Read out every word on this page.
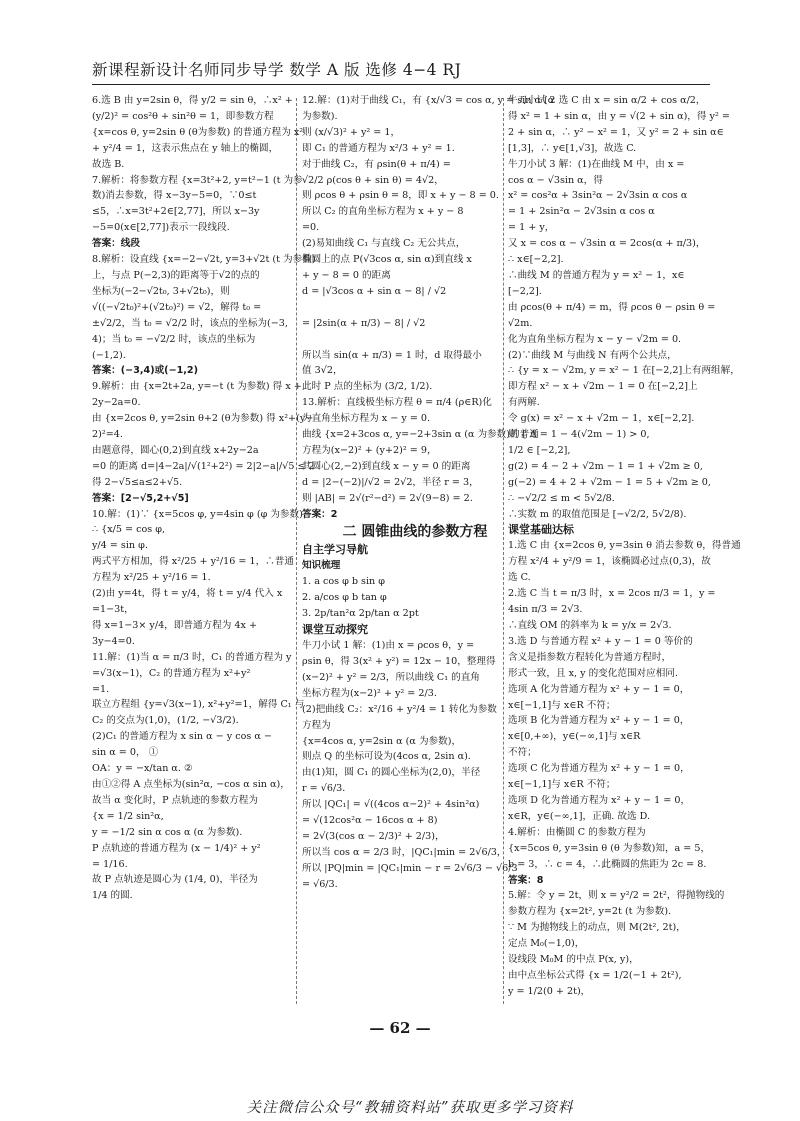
新课程新设计名师同步导学 数学 A 版 选修 4−4 RJ
6.选 B 由 y=2sin θ，得 y/2 = sin θ，∴x² +
(y/2)² = cos²θ + sin²θ = 1，即参数方程
{x=cos θ, y=2sin θ (θ为参数) 的普通方程为 x²
+ y²/4 = 1，这表示焦点在 y 轴上的椭圆，
故选 B.
7.解析：将参数方程 {x=3t²+2, y=t²−1 (t 为参
数)消去参数，得 x−3y−5=0，∵0≤t
≤5，∴x=3t²+2∈[2,77]，所以 x−3y
−5=0(x∈[2,77])表示一段线段.
答案：线段
8.解析：设直线 {x=−2−√2t, y=3+√2t (t 为参数)
上，与点 P(−2,3)的距离等于√2的点的
坐标为(−2−√2t₀, 3+√2t₀)，则
√((−√2t₀)²+(√2t₀)²) = √2，解得 t₀ =
±√2/2，当 t₀ = √2/2 时，该点的坐标为(−3,
4)；当 t₀ = −√2/2 时，该点的坐标为
(−1,2).
答案：(−3,4)或(−1,2)
9.解析：由 {x=2t+2a, y=−t (t 为参数) 得 x +
2y−2a=0.
由 {x=2cos θ, y=2sin θ+2 (θ为参数) 得 x²+(y−
2)²=4.
由题意得，圆心(0,2)到直线 x+2y−2a
=0 的距离 d=|4−2a|/√(1²+2²) = 2|2−a|/√5 ≤ 2
得 2−√5≤a≤2+√5.
答案：[2−√5,2+√5]
10.解：(1)∵ {x=5cos φ, y=4sin φ (φ 为参数)，
∴ {x/5 = cos φ,
y/4 = sin φ.
两式平方相加，得 x²/25 + y²/16 = 1，∴普通
方程为 x²/25 + y²/16 = 1.
(2)由 y=4t，得 t = y/4，将 t = y/4 代入 x
=1−3t，
得 x=1−3× y/4，即普通方程为 4x +
3y−4=0.
11.解：(1)当 α = π/3 时，C₁ 的普通方程为 y
=√3(x−1)，C₂ 的普通方程为 x²+y²
=1.
联立方程组 {y=√3(x−1), x²+y²=1，解得 C₁ 与
C₂ 的交点为(1,0)，(1/2, −√3/2).
(2)C₁ 的普通方程为 x sin α − y cos α −
sin α = 0， ①
OA：y = −x/tan α. ②
由①②得 A 点坐标为(sin²α, −cos α sin α)，
故当 α 变化时，P 点轨迹的参数方程为
{x = 1/2 sin²α,
y = −1/2 sin α cos α (α 为参数).
P 点轨迹的普通方程为 (x − 1/4)² + y²
= 1/16.
故 P 点轨迹是圆心为 (1/4, 0)，半径为
1/4 的圆.
12.解：(1)对于曲线 C₁，有 {x/√3 = cos α, y = sin α (α
为参数).
则 (x/√3)² + y² = 1，
即 C₁ 的普通方程为 x²/3 + y² = 1.
对于曲线 C₂，有 ρsin(θ + π/4) =
√2/2 ρ(cos θ + sin θ) = 4√2，
则 ρcos θ + ρsin θ = 8，即 x + y − 8 = 0.
所以 C₂ 的直角坐标方程为 x + y − 8
=0.
(2)易知曲线 C₁ 与直线 C₂ 无公共点，
椭圆上的点 P(√3cos α, sin α)到直线 x
+ y − 8 = 0 的距离
d = |√3cos α + sin α − 8| / √2

= |2sin(α + π/3) − 8| / √2

所以当 sin(α + π/3) = 1 时，d 取得最小
值 3√2，
此时 P 点的坐标为 (3/2, 1/2).
13.解析：直线极坐标方程 θ = π/4 (ρ∈R)化
为直角坐标方程为 x − y = 0.
曲线 {x=2+3cos α, y=−2+3sin α (α 为参数)的普通
方程为(x−2)² + (y+2)² = 9，
其圆心(2,−2)到直线 x − y = 0 的距离
d = |2−(−2)|/√2 = 2√2，半径 r = 3，
则 |AB| = 2√(r²−d²) = 2√(9−8) = 2.
答案：2
二 圆锥曲线的参数方程
自主学习导航
知识梳理
1. a cos φ b sin φ
2. a/cos φ b tan φ
3. 2p/tan²α 2p/tan α 2pt
课堂互动探究
牛刀小试 1 解：(1)由 x = ρcos θ，y =
ρsin θ，得 3(x² + y²) = 12x − 10，整理得
(x−2)² + y² = 2/3，所以曲线 C₁ 的直角
坐标方程为(x−2)² + y² = 2/3.
(2)把曲线 C₂：x²/16 + y²/4 = 1 转化为参数
方程为
{x=4cos α, y=2sin α (α 为参数)，
则点 Q 的坐标可设为(4cos α, 2sin α).
由(1)知，圆 C₁ 的圆心坐标为(2,0)，半径
r = √6/3.
所以 |QC₁| = √((4cos α−2)² + 4sin²α)
= √(12cos²α − 16cos α + 8)
= 2√(3(cos α − 2/3)² + 2/3)，
所以当 cos α = 2/3 时，|QC₁|min = 2√6/3，
所以 |PQ|min = |QC₁|min − r = 2√6/3 − √6/3
= √6/3.
牛刀小试 2 选 C 由 x = sin α/2 + cos α/2，
得 x² = 1 + sin α，由 y = √(2 + sin α)，得 y² =
2 + sin α，∴ y² − x² = 1，又 y² = 2 + sin α∈
[1,3]，∴ y∈[1,√3]，故选 C.
牛刀小试 3 解：(1)在曲线 M 中，由 x =
cos α − √3sin α，得
x² = cos²α + 3sin²α − 2√3sin α cos α
= 1 + 2sin²α − 2√3sin α cos α
= 1 + y，
又 x = cos α − √3sin α = 2cos(α + π/3)，
∴ x∈[−2,2].
∴曲线 M 的普通方程为 y = x² − 1，x∈
[−2,2].
由 ρcos(θ + π/4) = m，得 ρcos θ − ρsin θ =
√2m.
化为直角坐标方程为 x − y − √2m = 0.
(2)∵曲线 M 与曲线 N 有两个公共点，
∴ {y = x − √2m, y = x² − 1 在[−2,2]上有两组解，
即方程 x² − x + √2m − 1 = 0 在[−2,2]上
有两解.
令 g(x) = x² − x + √2m − 1，x∈[−2,2].
则 { Δ = 1 − 4(√2m − 1) > 0,
1/2 ∈ [−2,2],
g(2) = 4 − 2 + √2m − 1 = 1 + √2m ≥ 0,
g(−2) = 4 + 2 + √2m − 1 = 5 + √2m ≥ 0,
∴ −√2/2 ≤ m < 5√2/8.
∴实数 m 的取值范围是 [−√2/2, 5√2/8).
课堂基础达标
1.选 C 由 {x=2cos θ, y=3sin θ 消去参数 θ，得普通
方程 x²/4 + y²/9 = 1，该椭圆必过点(0,3)，故
选 C.
2.选 C 当 t = π/3 时，x = 2cos π/3 = 1，y =
4sin π/3 = 2√3.
∴直线 OM 的斜率为 k = y/x = 2√3.
3.选 D 与普通方程 x² + y − 1 = 0 等价的
含义是指参数方程转化为普通方程时，
形式一致，且 x, y 的变化范围对应相同.
选项 A 化为普通方程为 x² + y − 1 = 0，
x∈[−1,1]与 x∈R 不符；
选项 B 化为普通方程为 x² + y − 1 = 0，
x∈[0,+∞)，y∈(−∞,1]与 x∈R
不符；
选项 C 化为普通方程为 x² + y − 1 = 0，
x∈[−1,1]与 x∈R 不符；
选项 D 化为普通方程为 x² + y − 1 = 0，
x∈R，y∈(−∞,1]，正确. 故选 D.
4.解析：由椭圆 C 的参数方程为
{x=5cos θ, y=3sin θ (θ 为参数)知，a = 5，
b = 3，∴ c = 4，∴此椭圆的焦距为 2c = 8.
答案：8
5.解：令 y = 2t，则 x = y²/2 = 2t²，得抛物线的
参数方程为 {x=2t², y=2t (t 为参数).
∵ M 为抛物线上的动点，则 M(2t², 2t)，
定点 M₀(−1,0)，
设线段 M₀M 的中点 P(x, y)，
由中点坐标公式得 {x = 1/2(−1 + 2t²),
y = 1/2(0 + 2t)，
— 62 —
关注微信公众号“教辅资料站”获取更多学习资料
